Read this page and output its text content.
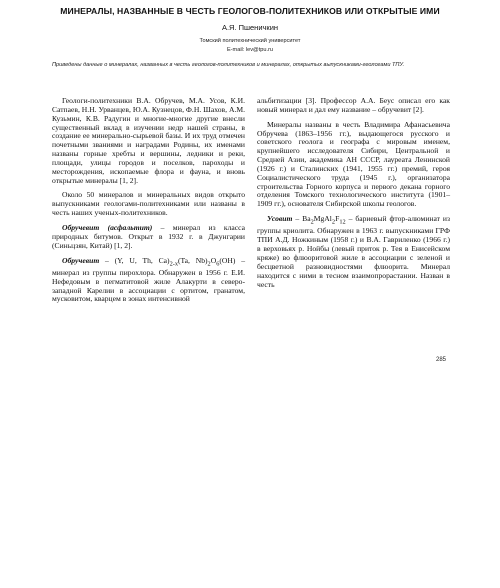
МИНЕРАЛЫ, НАЗВАННЫЕ В ЧЕСТЬ ГЕОЛОГОВ-ПОЛИТЕХНИКОВ ИЛИ ОТКРЫТЫЕ ИМИ
А.Я. Пшеничкин
Томский политехнический университет
E-mail: lev@tpu.ru
Приведены данные о минералах, названных в честь геологов-политехников и минералах, открытых выпускниками-геологами ТПУ.

Геологи-политехники В.А. Обручев, М.А. Усов, К.И. Сатпаев, Н.Н. Урванцев, Ю.А. Кузнецов, Ф.Н. Шахов, А.М. Кузьмин, К.В. Радугин и многие-многие другие внесли существенный вклад в изучении недр нашей страны, в создание ее минерально-сырьевой базы. И их труд отмечен почетными званиями и наградами Родины, их именами названы горные хребты и вершины, ледники и реки, площади, улицы городов и поселков, пароходы и месторождения, ископаемые флора и фауна, и вновь открытые минералы [1, 2].

Около 50 минералов и минеральных видов открыто выпускниками геологами-политехниками или названы в честь наших ученых-политехников.

Обручевит (асфальтит) – минерал из класса природных битумов. Открыт в 1932 г. в Джунгарии (Синьцзян, Китай) [1, 2].

Обручевит – (Y, U, Th, $Ca)_{2-x}(Ta$, $Nb)_2O_6(OH)$ – минерал из группы пирохлора. Обнаружен в 1956 г. Е.И. Нефедовым в пегматитовой жиле Алакурти в северо-западной Карелии в ассоциации с ортитом, гранатом, мусковитом, кварцем в зонах интенсивной

альбитизации [3]. Профессор А.А. Беус описал его как новый минерал и дал ему название – обручевит [2].

Минералы названы в честь Владимира Афанасьевича Обручева (1863–1956 гг.), выдающегося русского и советского геолога и географа с мировым именем, крупнейшего исследователя Сибири, Центральной и Средней Азии, академика АН СССР, лауреата Ленинской (1926 г.) и Сталинских (1941, 1955 гг.) премий, героя Социалистического труда (1945 г.), организатора строительства Горного корпуса и первого декана горного отделения Томского технологического института (1901–1909 гг.), основателя Сибирской школы геологов.

Усовит – $Ba_2MgAl_2F_{12}$ – бариевый фтор-алюминат из группы криолита. Обнаружен в 1963 г. выпускниками ГРФ ТПИ А.Д. Ножкиным (1958 г.) и В.А. Гавриленко (1966 г.) в верховьях р. Нойбы (левый приток р. Тея в Енисейском кряже) во флюоритовой жиле в ассоциации с зеленой и бесцветной разновидностями флюорита. Минерал находится с ними в тесном взаимопрорастании. Назван в честь

285
